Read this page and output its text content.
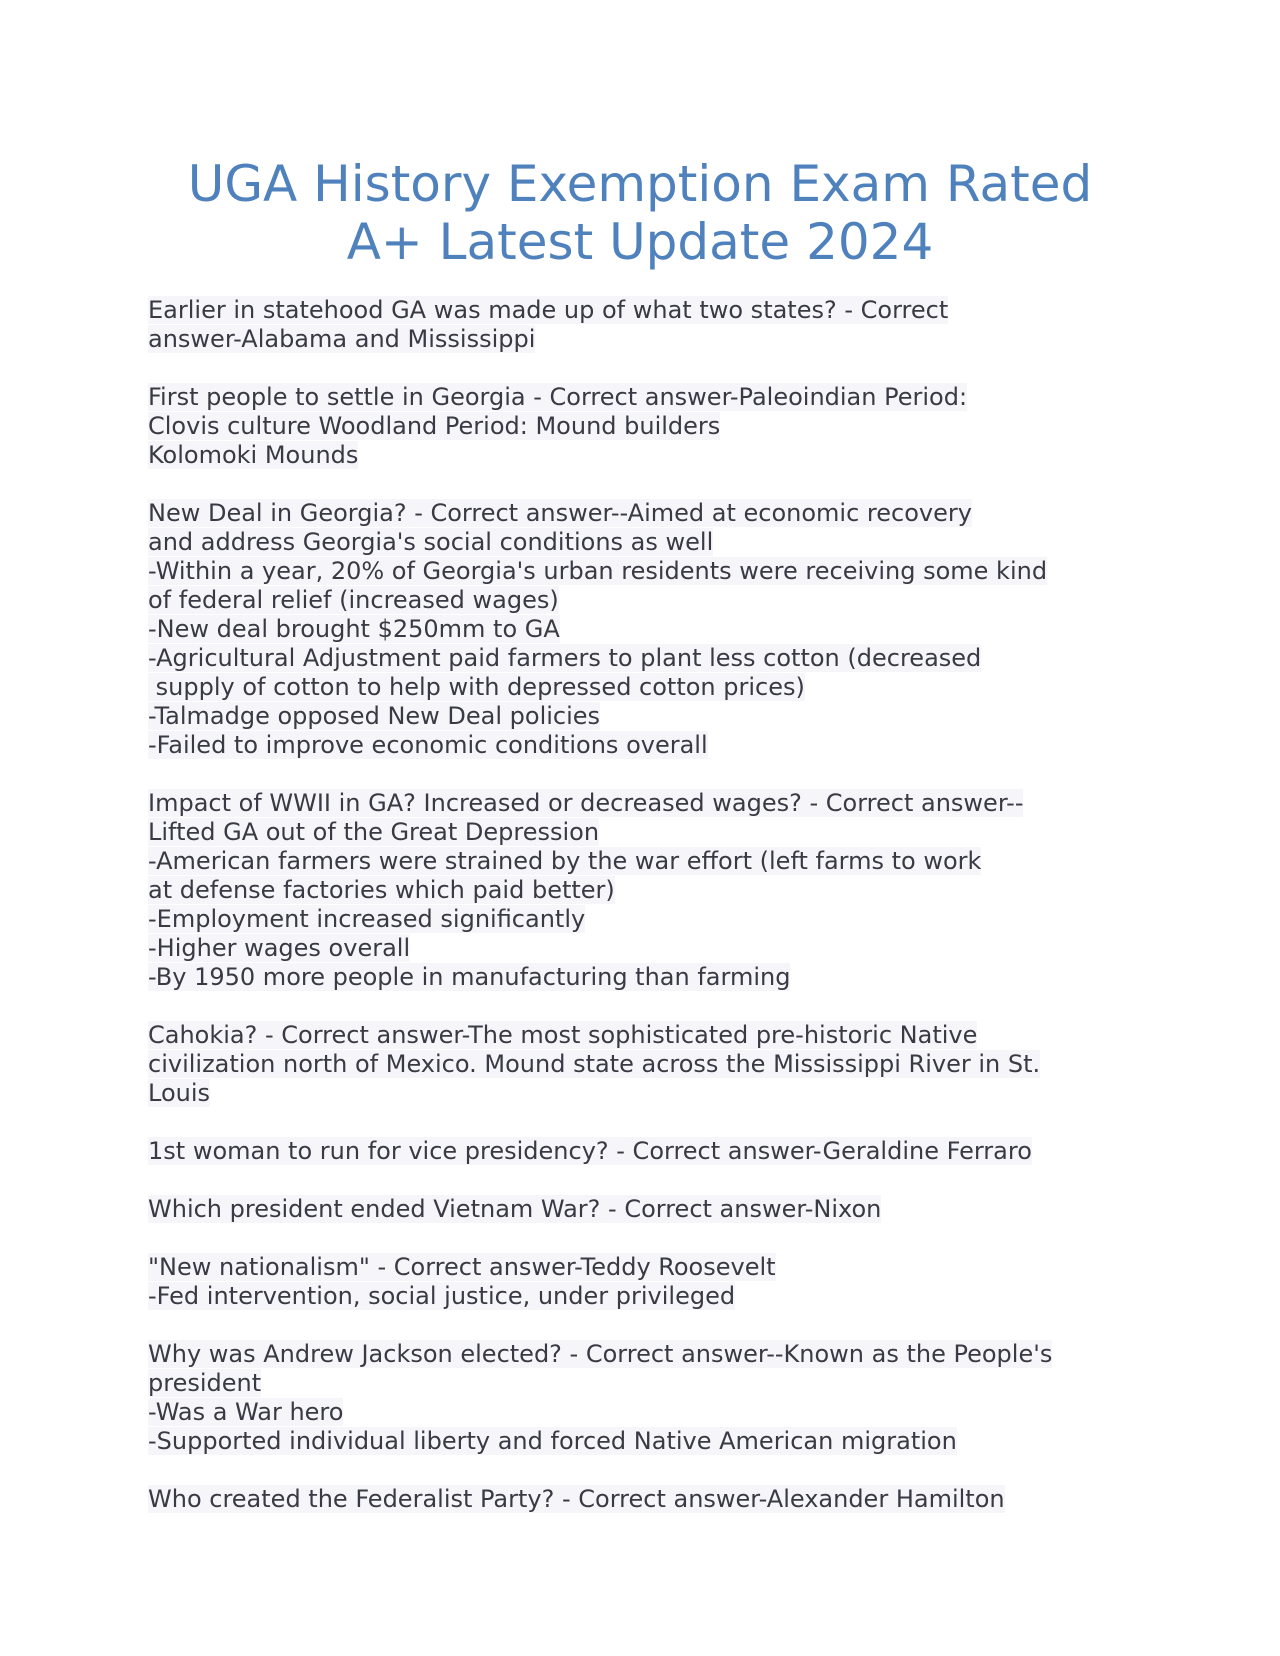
UGA History Exemption Exam Rated
A+ Latest Update 2024
Earlier in statehood GA was made up of what two states? - Correct
answer-Alabama and Mississippi
First people to settle in Georgia - Correct answer-Paleoindian Period:
Clovis culture Woodland Period: Mound builders
Kolomoki Mounds
New Deal in Georgia? - Correct answer--Aimed at economic recovery
and address Georgia's social conditions as well
-Within a year, 20% of Georgia's urban residents were receiving some kind
of federal relief (increased wages)
-New deal brought $250mm to GA
-Agricultural Adjustment paid farmers to plant less cotton (decreased
supply of cotton to help with depressed cotton prices)
-Talmadge opposed New Deal policies
-Failed to improve economic conditions overall
Impact of WWII in GA? Increased or decreased wages? - Correct answer--
Lifted GA out of the Great Depression
-American farmers were strained by the war effort (left farms to work
at defense factories which paid better)
-Employment increased significantly
-Higher wages overall
-By 1950 more people in manufacturing than farming
Cahokia? - Correct answer-The most sophisticated pre-historic Native
civilization north of Mexico. Mound state across the Mississippi River in St.
Louis
1st woman to run for vice presidency? - Correct answer-Geraldine Ferraro
Which president ended Vietnam War? - Correct answer-Nixon
"New nationalism" - Correct answer-Teddy Roosevelt
-Fed intervention, social justice, under privileged
Why was Andrew Jackson elected? - Correct answer--Known as the People's
president
-Was a War hero
-Supported individual liberty and forced Native American migration
Who created the Federalist Party? - Correct answer-Alexander Hamilton
